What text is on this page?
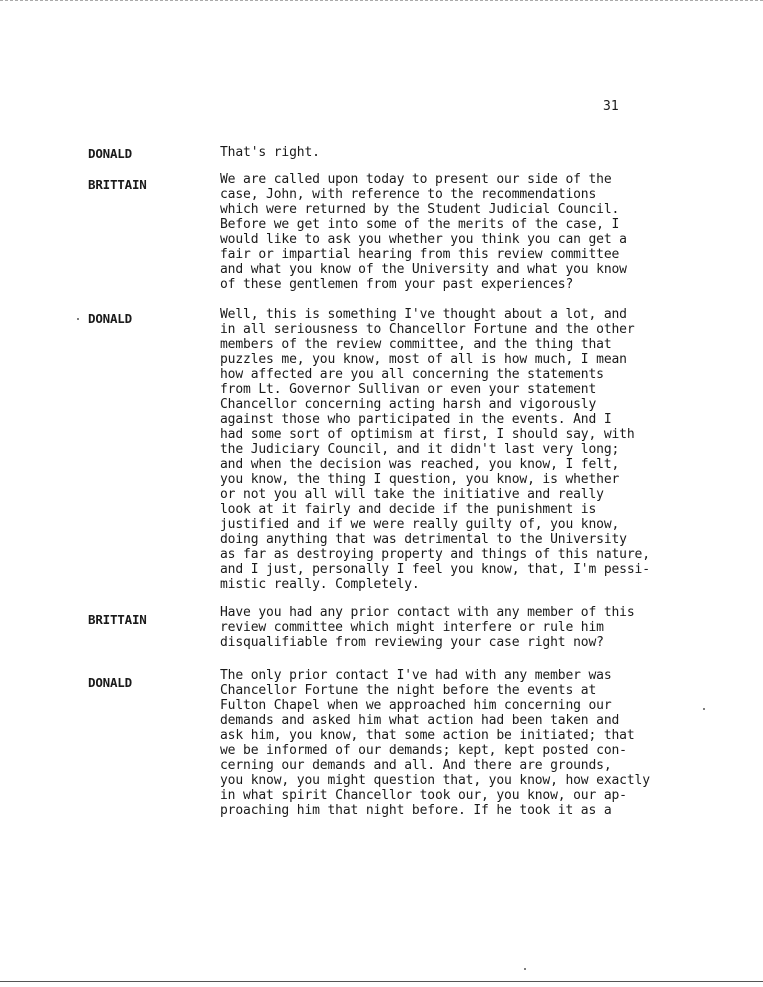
31
DONALD	That's right.
BRITTAIN	We are called upon today to present our side of the
case, John, with reference to the recommendations
which were returned by the Student Judicial Council.
Before we get into some of the merits of the case, I
would like to ask you whether you think you can get a
fair or impartial hearing from this review committee
and what you know of the University and what you know
of these gentlemen from your past experiences?
DONALD	Well, this is something I've thought about a lot, and
in all seriousness to Chancellor Fortune and the other
members of the review committee, and the thing that
puzzles me, you know, most of all is how much, I mean
how affected are you all concerning the statements
from Lt. Governor Sullivan or even your statement
Chancellor concerning acting harsh and vigorously
against those who participated in the events. And I
had some sort of optimism at first, I should say, with
the Judiciary Council, and it didn't last very long;
and when the decision was reached, you know, I felt,
you know, the thing I question, you know, is whether
or not you all will take the initiative and really
look at it fairly and decide if the punishment is
justified and if we were really guilty of, you know,
doing anything that was detrimental to the University
as far as destroying property and things of this nature,
and I just, personally I feel you know, that, I'm pessi-
mistic really. Completely.
BRITTAIN	Have you had any prior contact with any member of this
review committee which might interfere or rule him
disqualifiable from reviewing your case right now?
DONALD	The only prior contact I've had with any member was
Chancellor Fortune the night before the events at
Fulton Chapel when we approached him concerning our
demands and asked him what action had been taken and
ask him, you know, that some action be initiated; that
we be informed of our demands; kept, kept posted con-
cerning our demands and all. And there are grounds,
you know, you might question that, you know, how exactly
in what spirit Chancellor took our, you know, our ap-
proaching him that night before. If he took it as a
